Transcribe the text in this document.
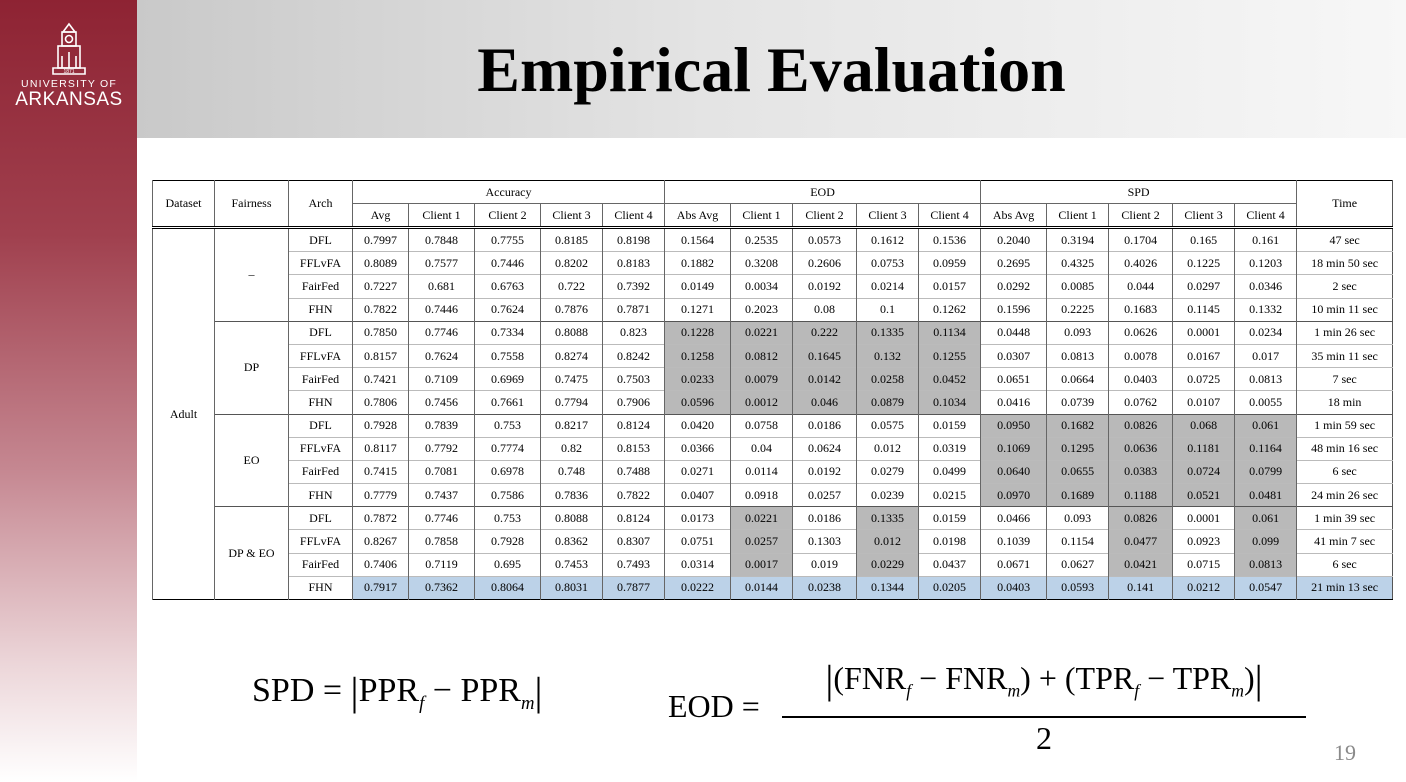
1871
UNIVERSITY OF
ARKANSAS	Empirical Evaluation
Dataset	Fairness	Arch	Accuracy					EOD					SPD					Time
			Avg	Client 1	Client 2	Client 3	Client 4	Abs Avg	Client 1	Client 2	Client 3	Client 4	Abs Avg	Client 1	Client 2	Client 3	Client 4	
Adult	–	DFL	0.7997	0.7848	0.7755	0.8185	0.8198	0.1564	0.2535	0.0573	0.1612	0.1536	0.2040	0.3194	0.1704	0.165	0.161	47 sec
		FFLvFA	0.8089	0.7577	0.7446	0.8202	0.8183	0.1882	0.3208	0.2606	0.0753	0.0959	0.2695	0.4325	0.4026	0.1225	0.1203	18 min 50 sec
		FairFed	0.7227	0.681	0.6763	0.722	0.7392	0.0149	0.0034	0.0192	0.0214	0.0157	0.0292	0.0085	0.044	0.0297	0.0346	2 sec
		FHN	0.7822	0.7446	0.7624	0.7876	0.7871	0.1271	0.2023	0.08	0.1	0.1262	0.1596	0.2225	0.1683	0.1145	0.1332	10 min 11 sec
	DP	DFL	0.7850	0.7746	0.7334	0.8088	0.823	0.1228	0.0221	0.222	0.1335	0.1134	0.0448	0.093	0.0626	0.0001	0.0234	1 min 26 sec
		FFLvFA	0.8157	0.7624	0.7558	0.8274	0.8242	0.1258	0.0812	0.1645	0.132	0.1255	0.0307	0.0813	0.0078	0.0167	0.017	35 min 11 sec
		FairFed	0.7421	0.7109	0.6969	0.7475	0.7503	0.0233	0.0079	0.0142	0.0258	0.0452	0.0651	0.0664	0.0403	0.0725	0.0813	7 sec
		FHN	0.7806	0.7456	0.7661	0.7794	0.7906	0.0596	0.0012	0.046	0.0879	0.1034	0.0416	0.0739	0.0762	0.0107	0.0055	18 min
	EO	DFL	0.7928	0.7839	0.753	0.8217	0.8124	0.0420	0.0758	0.0186	0.0575	0.0159	0.0950	0.1682	0.0826	0.068	0.061	1 min 59 sec
		FFLvFA	0.8117	0.7792	0.7774	0.82	0.8153	0.0366	0.04	0.0624	0.012	0.0319	0.1069	0.1295	0.0636	0.1181	0.1164	48 min 16 sec
		FairFed	0.7415	0.7081	0.6978	0.748	0.7488	0.0271	0.0114	0.0192	0.0279	0.0499	0.0640	0.0655	0.0383	0.0724	0.0799	6 sec
		FHN	0.7779	0.7437	0.7586	0.7836	0.7822	0.0407	0.0918	0.0257	0.0239	0.0215	0.0970	0.1689	0.1188	0.0521	0.0481	24 min 26 sec
	DP & EO	DFL	0.7872	0.7746	0.753	0.8088	0.8124	0.0173	0.0221	0.0186	0.1335	0.0159	0.0466	0.093	0.0826	0.0001	0.061	1 min 39 sec
		FFLvFA	0.8267	0.7858	0.7928	0.8362	0.8307	0.0751	0.0257	0.1303	0.012	0.0198	0.1039	0.1154	0.0477	0.0923	0.099	41 min 7 sec
		FairFed	0.7406	0.7119	0.695	0.7453	0.7493	0.0314	0.0017	0.019	0.0229	0.0437	0.0671	0.0627	0.0421	0.0715	0.0813	6 sec
		FHN	0.7917	0.7362	0.8064	0.8031	0.7877	0.0222	0.0144	0.0238	0.1344	0.0205	0.0403	0.0593	0.141	0.0212	0.0547	21 min 13 sec
SPD = $|PPR_f - PPR_m|$	EOD =
$|(FNR_f - FNR_m) + (TPR_f - TPR_m)|$
2	19
